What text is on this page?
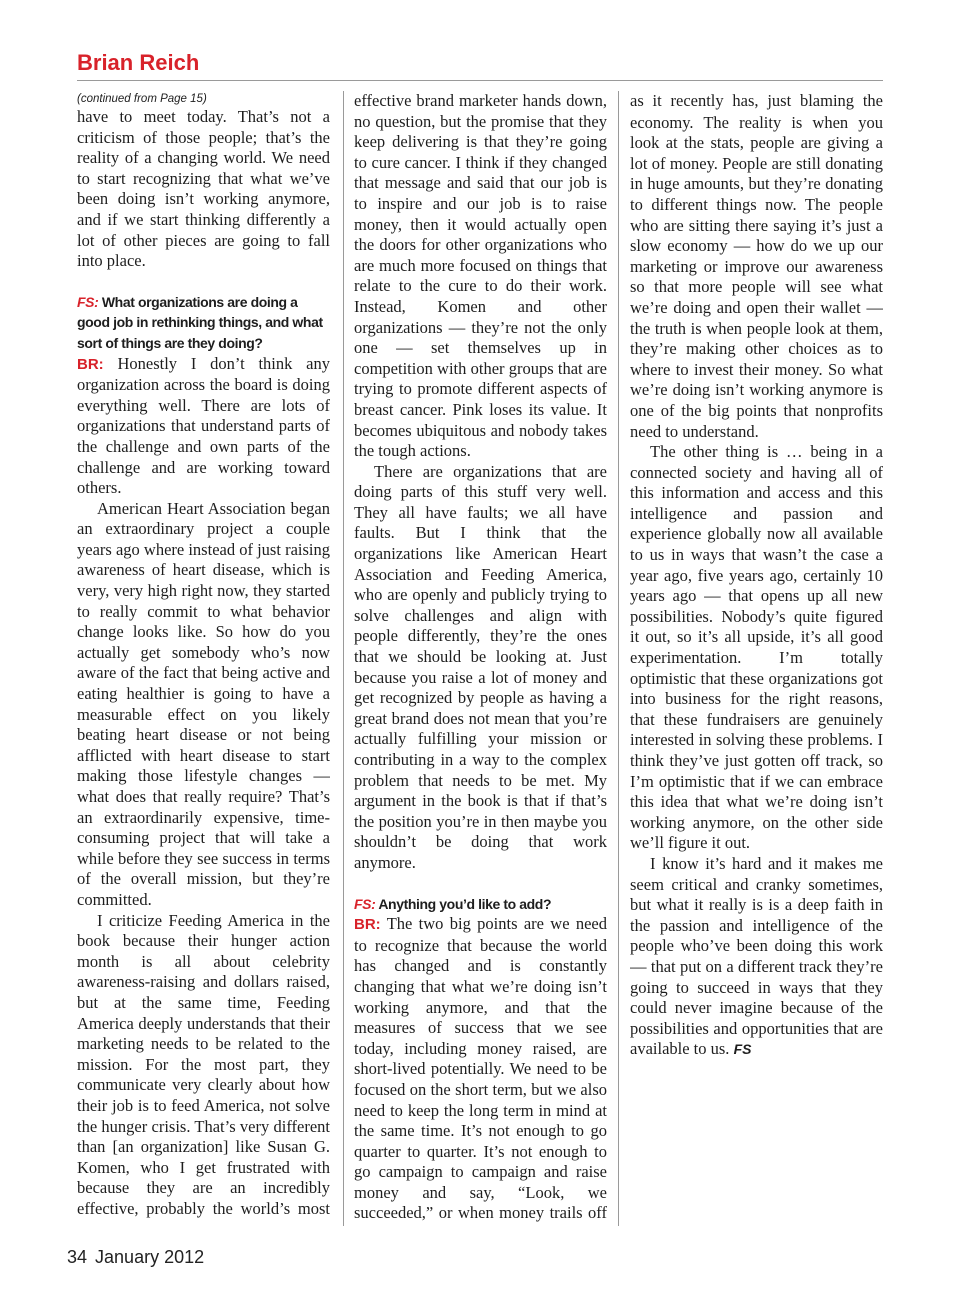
Brian Reich

(continued from Page 15)

have to meet today. That’s not a criticism of those people; that’s the reality of a changing world. We need to start recognizing that what we’ve been doing isn’t working anymore, and if we start thinking differently a lot of other pieces are going to fall into place.

FS: What organizations are doing a good job in rethinking things, and what sort of things are they doing?

BR: Honestly I don’t think any organization across the board is doing everything well. There are lots of organizations that understand parts of the challenge and own parts of the challenge and are working toward others.

American Heart Association began an extraordinary project a couple years ago where instead of just raising awareness of heart disease, which is very, very high right now, they started to really commit to what behavior change looks like. So how do you actually get somebody who’s now aware of the fact that being active and eating healthier is going to have a measurable effect on you likely beating heart disease or not being afflicted with heart disease to start making those lifestyle changes — what does that really require? That’s an extraordinarily expensive, time-consuming project that will take a while before they see success in terms of the overall mission, but they’re committed.

I criticize Feeding America in the book because their hunger action month is all about celebrity awareness-raising and dollars raised, but at the same time, Feeding America deeply understands that their marketing needs to be related to the mission. For the most part, they communicate very clearly about how their job is to feed America, not solve the hunger crisis. That’s very different than [an organization] like Susan G. Komen, who I get frustrated with because they are an incredibly effective, probably the world’s most

effective brand marketer hands down, no question, but the promise that they keep delivering is that they’re going to cure cancer. I think if they changed that message and said that our job is to inspire and our job is to raise money, then it would actually open the doors for other organizations who are much more focused on things that relate to the cure to do their work. Instead, Komen and other organizations — they’re not the only one — set themselves up in competition with other groups that are trying to promote different aspects of breast cancer. Pink loses its value. It becomes ubiquitous and nobody takes the tough actions.

There are organizations that are doing parts of this stuff very well. They all have faults; we all have faults. But I think that the organizations like American Heart Association and Feeding America, who are openly and publicly trying to solve challenges and align with people differently, they’re the ones that we should be looking at. Just because you raise a lot of money and get recognized by people as having a great brand does not mean that you’re actually fulfilling your mission or contributing in a way to the complex problem that needs to be met. My argument in the book is that if that’s the position you’re in then maybe you shouldn’t be doing that work anymore.

FS: Anything you’d like to add?

BR: The two big points are we need to recognize that because the world has changed and is constantly changing that what we’re doing isn’t working anymore, and that the measures of success that we see today, including money raised, are short-lived potentially. We need to be focused on the short term, but we also need to keep the long term in mind at the same time. It’s not enough to go quarter to quarter. It’s not enough to go campaign to campaign and raise money and say, “Look, we succeeded,” or when money trails off

as it recently has, just blaming the economy. The reality is when you look at the stats, people are giving a lot of money. People are still donating in huge amounts, but they’re donating to different things now. The people who are sitting there saying it’s just a slow economy — how do we up our marketing or improve our awareness so that more people will see what we’re doing and open their wallet — the truth is when people look at them, they’re making other choices as to where to invest their money. So what we’re doing isn’t working anymore is one of the big points that nonprofits need to understand.

The other thing is … being in a connected society and having all of this information and access and this intelligence and passion and experience globally now all available to us in ways that wasn’t the case a year ago, five years ago, certainly 10 years ago — that opens up all new possibilities. Nobody’s quite figured it out, so it’s all upside, it’s all good experimentation. I’m totally optimistic that these organizations got into business for the right reasons, that these fundraisers are genuinely interested in solving these problems. I think they’ve just gotten off track, so I’m optimistic that if we can embrace this idea that what we’re doing isn’t working anymore, on the other side we’ll figure it out.

I know it’s hard and it makes me seem critical and cranky sometimes, but what it really is is a deep faith in the passion and intelligence of the people who’ve been doing this work — that put on a different track they’re going to succeed in ways that they could never imagine because of the possibilities and opportunities that are available to us. FS

34 January 2012
